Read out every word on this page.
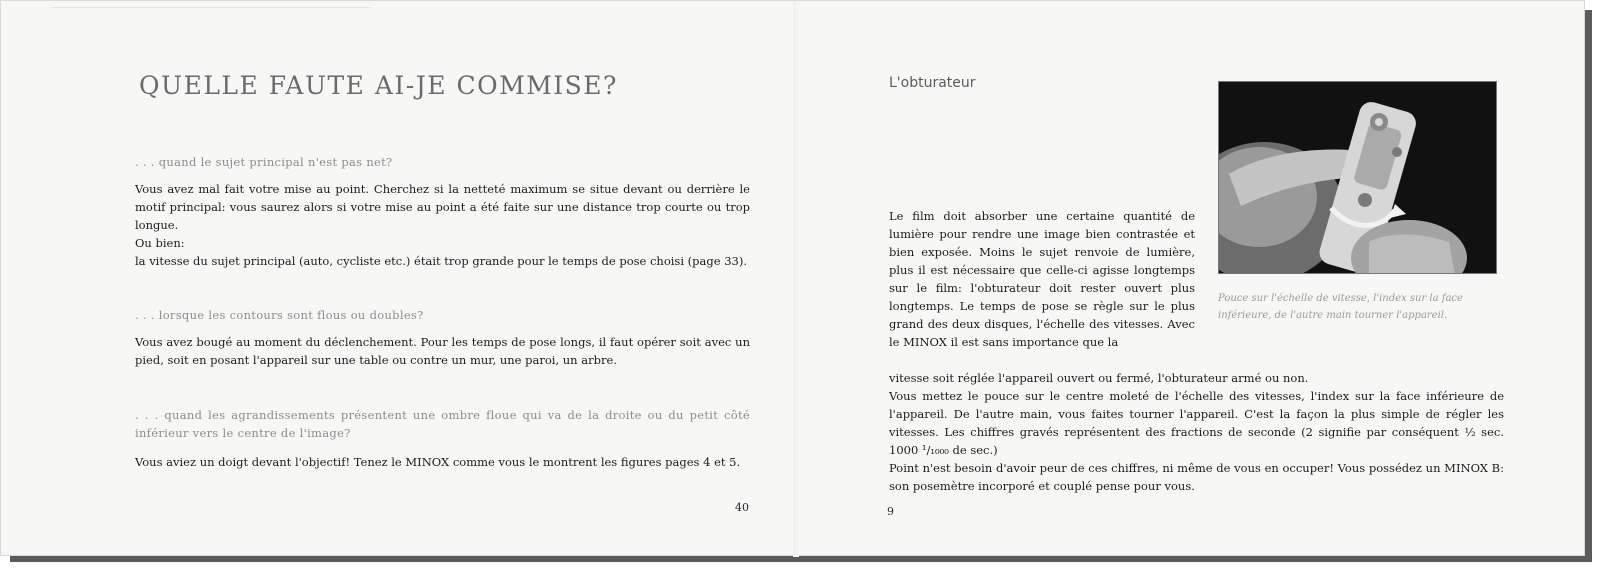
QUELLE FAUTE AI-JE COMMISE?
. . . quand le sujet principal n'est pas net?
Vous avez mal fait votre mise au point. Cherchez si la netteté maximum se situe devant ou derrière le motif principal: vous saurez alors si votre mise au point a été faite sur une distance trop courte ou trop longue.
Ou bien:
la vitesse du sujet principal (auto, cycliste etc.) était trop grande pour le temps de pose choisi (page 33).
. . . lorsque les contours sont flous ou doubles?
Vous avez bougé au moment du déclenchement. Pour les temps de pose longs, il faut opérer soit avec un pied, soit en posant l'appareil sur une table ou contre un mur, une paroi, un arbre.
. . . quand les agrandissements présentent une ombre floue qui va de la droite ou du petit côté inférieur vers le centre de l'image?
Vous aviez un doigt devant l'objectif! Tenez le MINOX comme vous le montrent les figures pages 4 et 5.
40
L'obturateur
Pouce sur l'échelle de vitesse, l'index sur la face inférieure, de l'autre main tourner l'appareil.
Le film doit absorber une certaine quantité de lumière pour rendre une image bien contrastée et bien exposée. Moins le sujet renvoie de lumière, plus il est nécessaire que celle-ci agisse longtemps sur le film: l'obturateur doit rester ouvert plus longtemps. Le temps de pose se règle sur le plus grand des deux disques, l'échelle des vitesses. Avec le MINOX il est sans importance que la
vitesse soit réglée l'appareil ouvert ou fermé, l'obturateur armé ou non.
Vous mettez le pouce sur le centre moleté de l'échelle des vitesses, l'index sur la face inférieure de l'appareil. De l'autre main, vous faites tourner l'appareil. C'est la façon la plus simple de régler les vitesses. Les chiffres gravés représentent des fractions de seconde (2 signifie par conséquent ½ sec. 1000 ¹/₁₀₀₀ de sec.)
Point n'est besoin d'avoir peur de ces chiffres, ni même de vous en occuper! Vous possédez un MINOX B: son posemètre incorporé et couplé pense pour vous.
9
